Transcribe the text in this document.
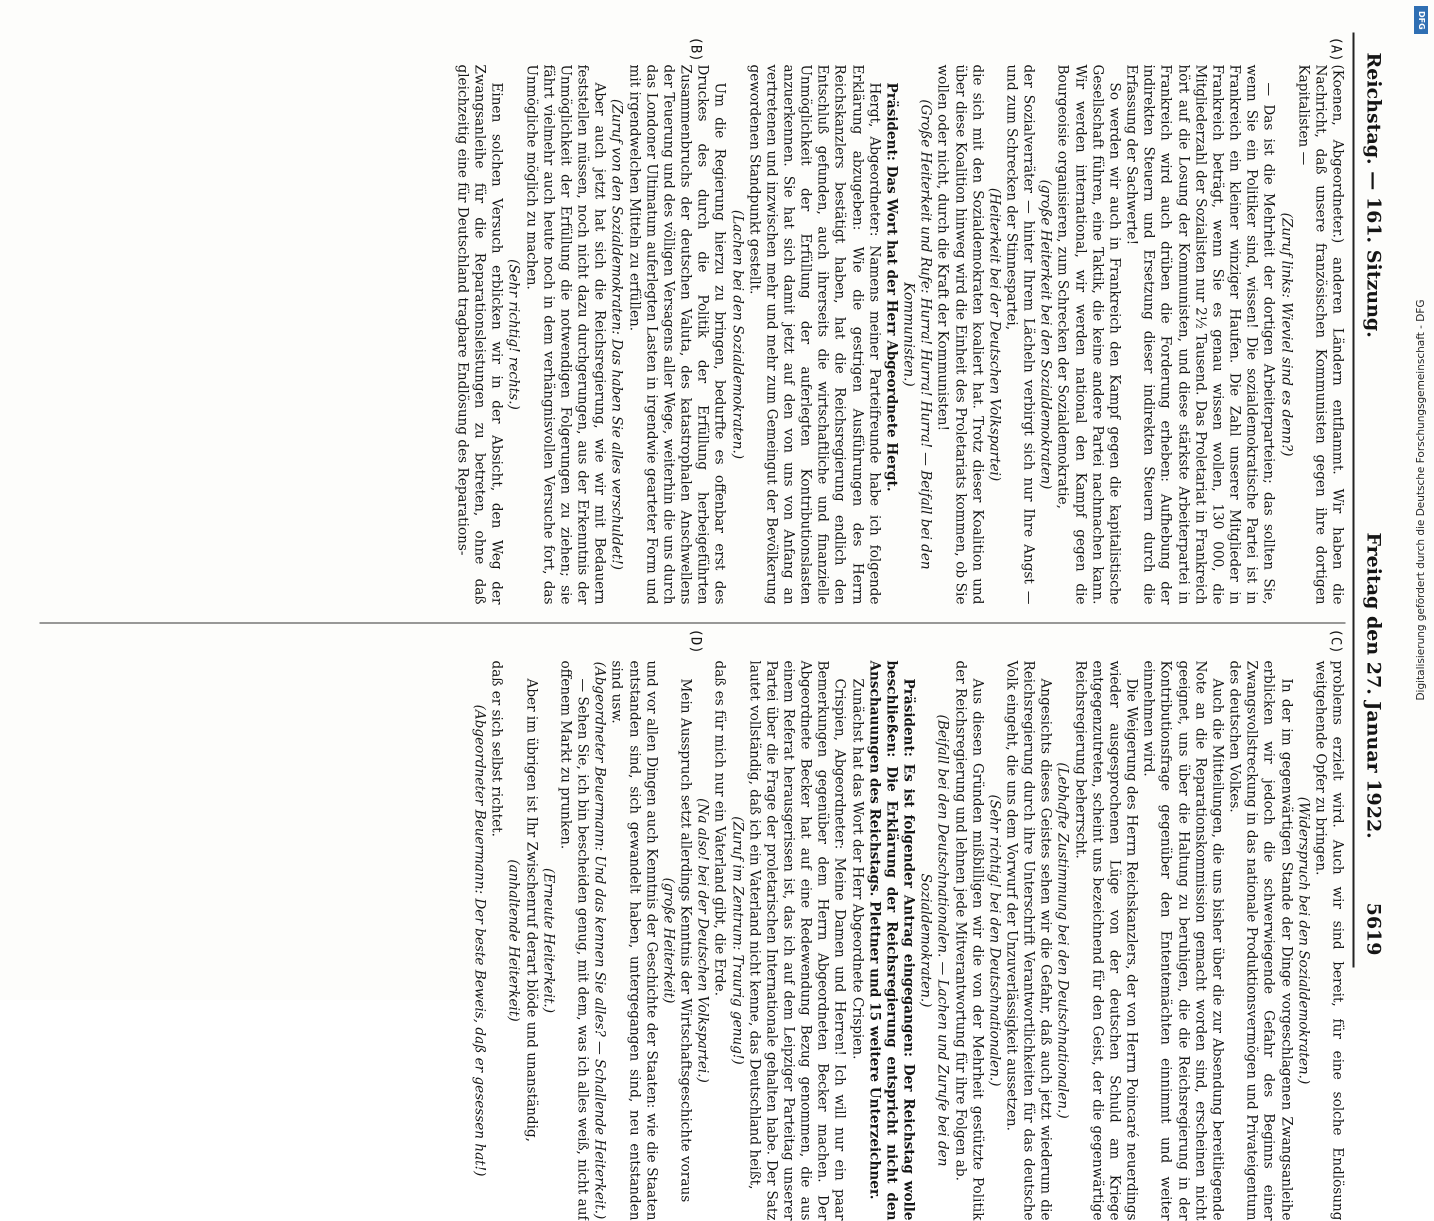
Reichstag. — 161. Sitzung.
Freitag den 27. Januar 1922.
5619
(A)
(B)
(C)
(D)

(Koenen, Abgeordneter.) anderen Ländern entflammt. Wir haben die Nachricht, daß unsere französischen Kommunisten gegen ihre dortigen Kapitalisten —

(Zuruf links: Wieviel sind es denn?)

— Das ist die Mehrheit der dortigen Arbeiterparteien; das sollten Sie, wenn Sie ein Politiker sind, wissen! Die sozialdemokratische Partei ist in Frankreich ein kleiner winziger Haufen. Die Zahl unserer Mitglieder in Frankreich beträgt, wenn Sie es genau wissen wollen, 130 000, die Mitgliederzahl der Sozialisten nur 2½ Tausend. Das Proletariat in Frankreich hört auf die Losung der Kommunisten, und diese stärkste Arbeiterpartei in Frankreich wird auch drüben die Forderung erheben: Aufhebung der indirekten Steuern und Ersetzung dieser indirekten Steuern durch die Erfassung der Sachwerte!

So werden wir auch in Frankreich den Kampf gegen die kapitalistische Gesellschaft führen, eine Taktik, die keine andere Partei nachmachen kann. Wir werden international, wir werden national den Kampf gegen die Bourgeoisie organisieren, zum Schrecken der Sozialdemokratie,

(große Heiterkeit bei den Sozialdemokraten)

der Sozialverräter — hinter Ihrem Lächeln verbirgt sich nur Ihre Angst — und zum Schrecken der Stinnespartei,

(Heiterkeit bei der Deutschen Volkspartei)

die sich mit den Sozialdemokraten koaliert hat. Trotz dieser Koalition und über diese Koalition hinweg wird die Einheit des Proletariats kommen, ob Sie wollen oder nicht, durch die Kraft der Kommunisten!

(Große Heiterkeit und Rufe: Hurra! Hurra! Hurra! — Beifall bei den Kommunisten.)

Präsident: Das Wort hat der Herr Abgeordnete Hergt.

Hergt, Abgeordneter: Namens meiner Parteifreunde habe ich folgende Erklärung abzugeben: Wie die gestrigen Ausführungen des Herrn Reichskanzlers bestätigt haben, hat die Reichsregierung endlich den Entschluß gefunden, auch ihrerseits die wirtschaftliche und finanzielle Unmöglichkeit der Erfüllung der auferlegten Kontributionslasten anzuerkennen. Sie hat sich damit jetzt auf den von uns von Anfang an vertretenen und inzwischen mehr und mehr zum Gemeingut der Bevölkerung gewordenen Standpunkt gestellt.

(Lachen bei den Sozialdemokraten.)

Um die Regierung hierzu zu bringen, bedurfte es offenbar erst des Druckes des durch die Politik der Erfüllung herbeigeführten Zusammenbruchs der deutschen Valuta, des katastrophalen Anschwellens der Teuerung und des völligen Versagens aller Wege, weiterhin die uns durch das Londoner Ultimatum auferlegten Lasten in irgendwie gearteter Form und mit irgendwelchen Mitteln zu erfüllen.

(Zuruf von den Sozialdemokraten: Das haben Sie alles verschuldet!)

Aber auch jetzt hat sich die Reichsregierung, wie wir mit Bedauern feststellen müssen, noch nicht dazu durchgerungen, aus der Erkenntnis der Unmöglichkeit der Erfüllung die notwendigen Folgerungen zu ziehen; sie fährt vielmehr auch heute noch in dem verhängnisvollen Versuche fort, das Unmögliche möglich zu machen.

(Sehr richtig! rechts.)

Einen solchen Versuch erblicken wir in der Absicht, den Weg der Zwangsanleihe für die Reparationsleistungen zu betreten, ohne daß gleichzeitig eine für Deutschland tragbare Endlösung des Reparations-

problems erzielt wird. Auch wir sind bereit, für eine solche Endlösung weitgehende Opfer zu bringen.

(Widerspruch bei den Sozialdemokraten.)

In der im gegenwärtigen Stande der Dinge vorgeschlagenen Zwangsanleihe erblicken wir jedoch die schwerwiegende Gefahr des Beginns einer Zwangsvollstreckung in das nationale Produktionsvermögen und Privateigentum des deutschen Volkes.

Auch die Mitteilungen, die uns bisher über die zur Absendung bereitliegende Note an die Reparationskommission gemacht worden sind, erscheinen nicht geeignet, uns über die Haltung zu beruhigen, die die Reichsregierung in der Kontributionsfrage gegenüber den Ententemächten einnimmt und weiter einnehmen wird.

Die Weigerung des Herrn Reichskanzlers, der von Herrn Poincaré neuerdings wieder ausgesprochenen Lüge von der deutschen Schuld am Kriege entgegenzutreten, scheint uns bezeichnend für den Geist, der die gegenwärtige Reichsregierung beherrscht.

(Lebhafte Zustimmung bei den Deutschnationalen.)

Angesichts dieses Geistes sehen wir die Gefahr, daß auch jetzt wiederum die Reichsregierung durch ihre Unterschrift Verantwortlichkeiten für das deutsche Volk eingeht, die uns dem Vorwurf der Unzuverlässigkeit aussetzen.

(Sehr richtig! bei den Deutschnationalen.)

Aus diesen Gründen mißbilligen wir die von der Mehrheit gestützte Politik der Reichsregierung und lehnen jede Mitverantwortung für ihre Folgen ab.

(Beifall bei den Deutschnationalen. — Lachen und Zurufe bei den Sozialdemokraten.)

Präsident: Es ist folgender Antrag eingegangen: Der Reichstag wolle beschließen: Die Erklärung der Reichsregierung entspricht nicht den Anschauungen des Reichstags. Plettner und 15 weitere Unterzeichner.

Zunächst hat das Wort der Herr Abgeordnete Crispien.

Crispien, Abgeordneter: Meine Damen und Herren! Ich will nur ein paar Bemerkungen gegenüber dem Herrn Abgeordneten Becker machen. Der Abgeordnete Becker hat auf eine Redewendung Bezug genommen, die aus einem Referat herausgerissen ist, das ich auf dem Leipziger Parteitag unserer Partei über die Frage der proletarischen Internationale gehalten habe. Der Satz lautet vollständig, daß ich ein Vaterland nicht kenne, das Deutschland heißt,

(Zuruf im Zentrum: Traurig genug!)

daß es für mich nur ein Vaterland gibt, die Erde.

(Na also! bei der Deutschen Volkspartei.)

Mein Ausspruch setzt allerdings Kenntnis der Wirtschaftsgeschichte voraus

(große Heiterkeit)

und vor allen Dingen auch Kenntnis der Geschichte der Staaten: wie die Staaten entstanden sind, sich gewandelt haben, untergegangen sind, neu entstanden sind usw.

(Abgeordneter Beuermann: Und das kennen Sie alles? — Schallende Heiterkeit.)

— Sehen Sie, ich bin bescheiden genug, mit dem, was ich alles weiß, nicht auf offenem Markt zu prunken.

(Erneute Heiterkeit.)

Aber im übrigen ist Ihr Zwischenruf derart blöde und unanständig,

(anhaltende Heiterkeit)

daß er sich selbst richtet.

(Abgeordneter Beuermann: Der beste Beweis, daß er gesessen hat!)
DFG
Digitalisierung gefördert durch die Deutsche Forschungsgemeinschaft - DFG
